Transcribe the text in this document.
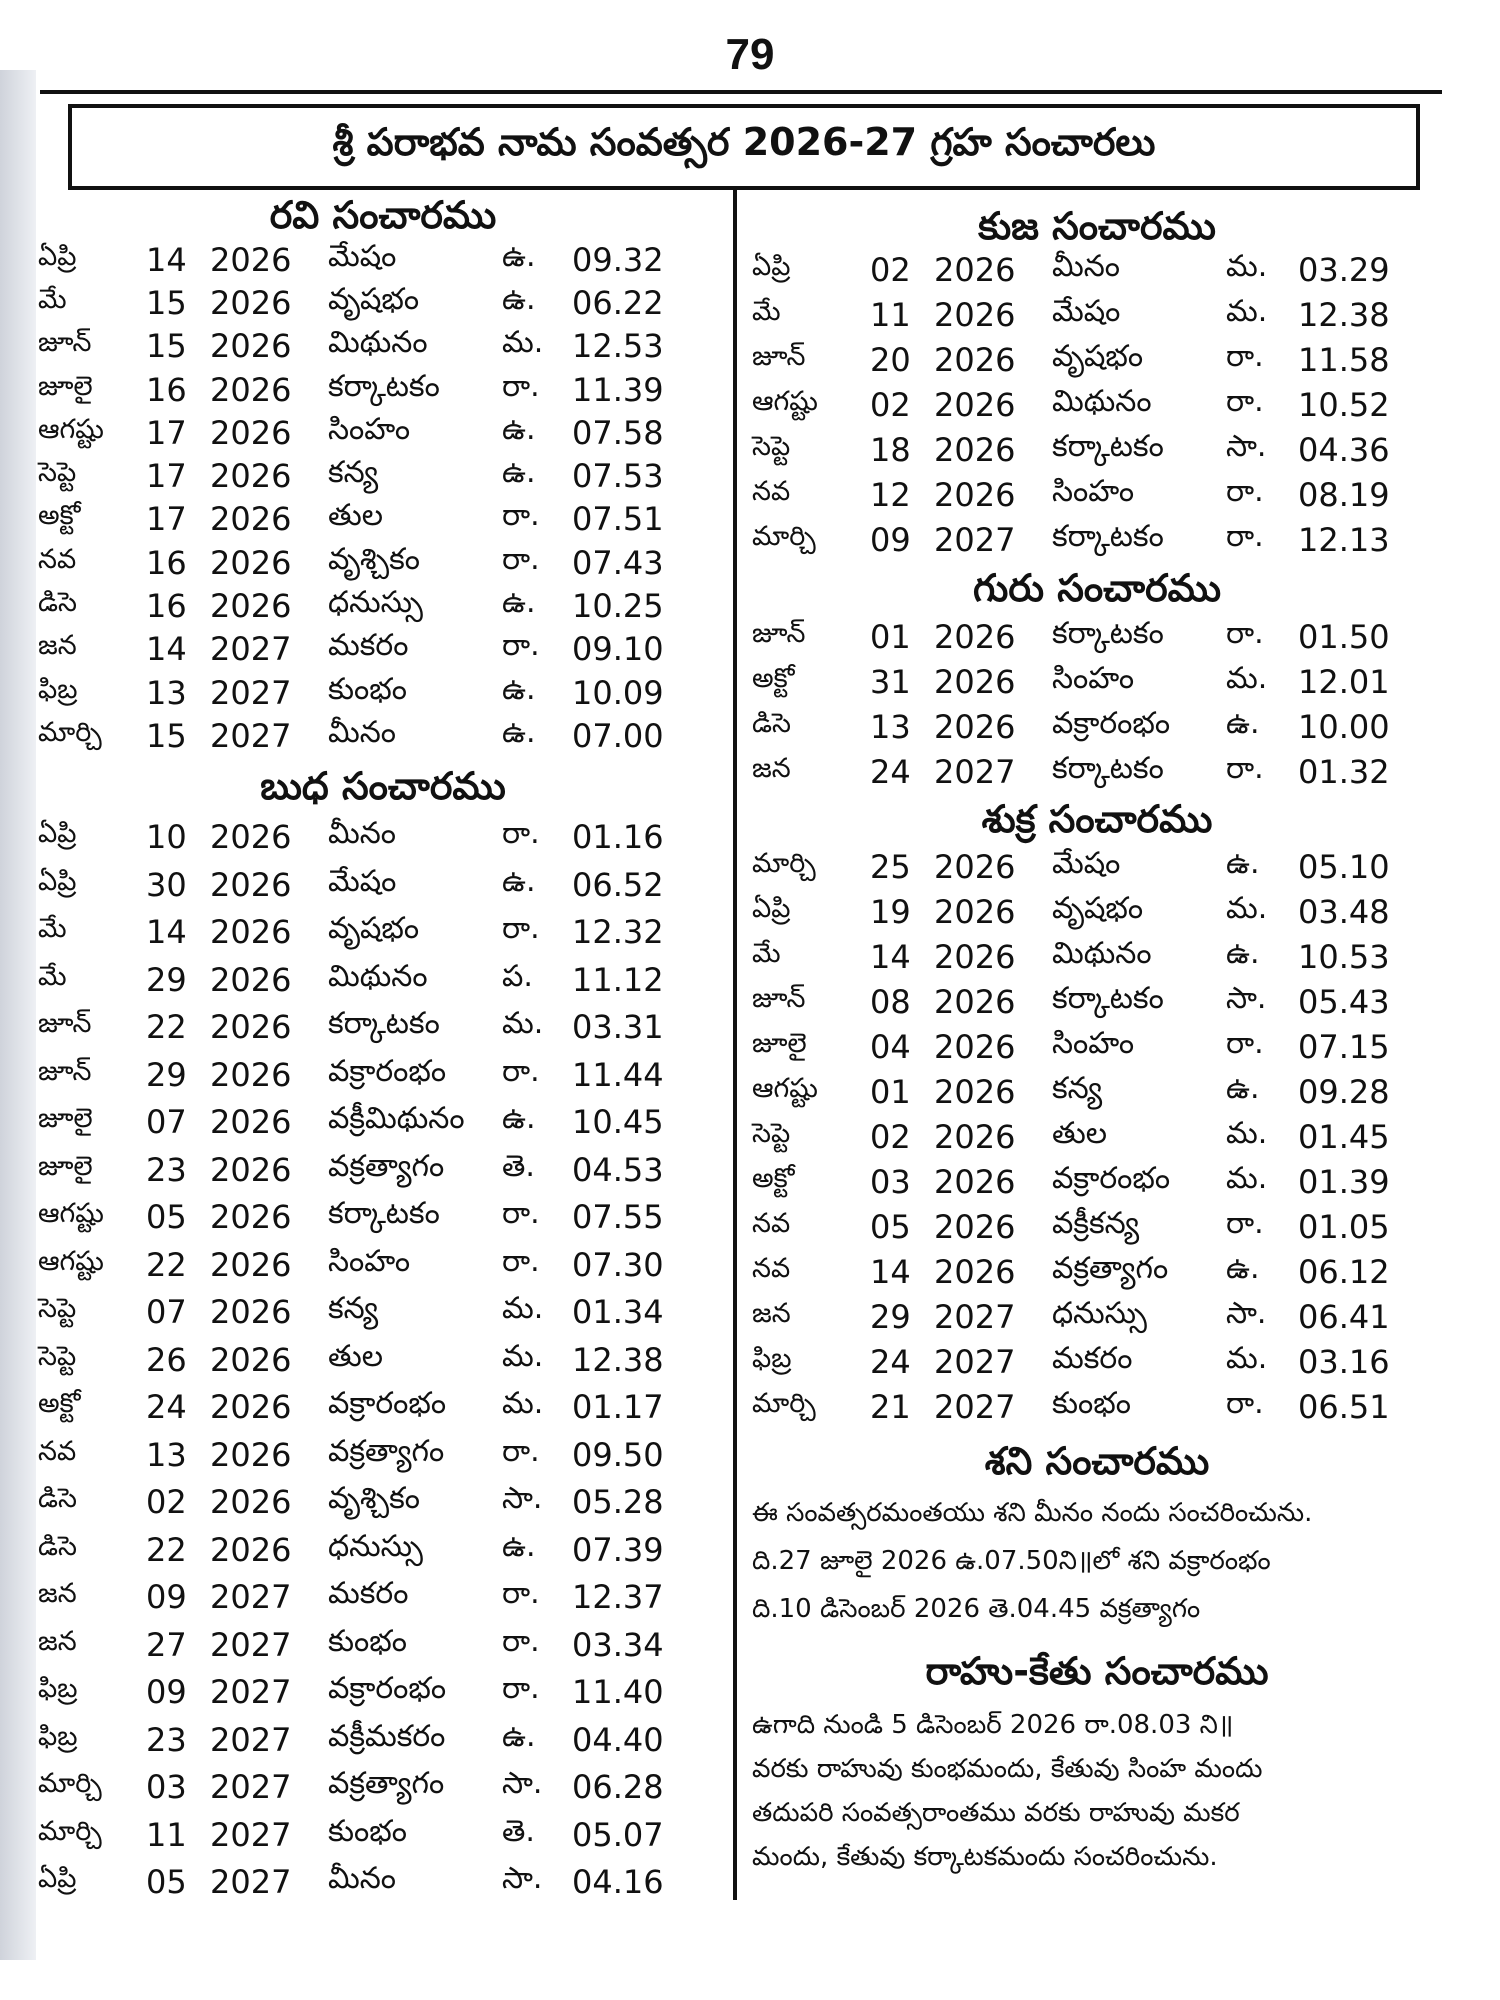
79
శ్రీ పరాభవ నామ సంవత్సర 2026-27 గ్రహ సంచారలు
రవి సంచారము
ఏప్రి	14 2026	మేషం	ఉ.	09.32
మే	15 2026	వృషభం	ఉ.	06.22
జూన్	15 2026	మిథునం	మ. 12.53
జూలై	16 2026	కర్కాటకం	రా.	11.39
ఆగష్టు	17 2026	సింహం	ఉ.	07.58
సెప్టె	17 2026	కన్య	ఉ.	07.53
అక్టో	17 2026	తుల	రా.	07.51
నవ	16 2026	వృశ్చికం	రా.	07.43
డిసె	16 2026	ధనుస్సు	ఉ.	10.25
జన	14 2027	మకరం	రా.	09.10
ఫిబ్ర	13 2027	కుంభం	ఉ.	10.09
మార్చి	15 2027	మీనం	ఉ.	07.00
బుధ సంచారము
ఏప్రి	10 2026	మీనం	రా.	01.16
ఏప్రి	30 2026	మేషం	ఉ.	06.52
మే	14 2026	వృషభం	రా.	12.32
మే	29 2026	మిథునం	ప.	11.12
జూన్	22 2026	కర్కాటకం	మ. 03.31
జూన్	29 2026	వక్రారంభం	రా.	11.44
జూలై	07 2026	వక్రీమిథునం	ఉ.	10.45
జూలై	23 2026	వక్రత్యాగం	తె.	04.53
ఆగష్టు	05 2026	కర్కాటకం	రా.	07.55
ఆగష్టు	22 2026	సింహం	రా.	07.30
సెప్టె	07 2026	కన్య	మ. 01.34
సెప్టె	26 2026	తుల	మ. 12.38
అక్టో	24 2026	వక్రారంభం	మ. 01.17
నవ	13 2026	వక్రత్యాగం	రా.	09.50
డిసె	02 2026	వృశ్చికం	సా. 05.28
డిసె	22 2026	ధనుస్సు	ఉ.	07.39
జన	09 2027	మకరం	రా.	12.37
జన	27 2027	కుంభం	రా.	03.34
ఫిబ్ర	09 2027	వక్రారంభం	రా.	11.40
ఫిబ్ర	23 2027	వక్రీమకరం	ఉ.	04.40
మార్చి	03 2027	వక్రత్యాగం	సా. 06.28
మార్చి	11 2027	కుంభం	తె.	05.07
ఏప్రి	05 2027	మీనం	సా. 04.16
కుజ సంచారము
ఏప్రి	02 2026	మీనం	మ. 03.29
మే	11 2026	మేషం	మ. 12.38
జూన్	20 2026	వృషభం	రా.	11.58
ఆగష్టు	02 2026	మిథునం	రా.	10.52
సెప్టె	18 2026	కర్కాటకం	సా. 04.36
నవ	12 2026	సింహం	రా.	08.19
మార్చి	09 2027	కర్కాటకం	రా.	12.13
గురు సంచారము
జూన్	01 2026	కర్కాటకం	రా.	01.50
అక్టో	31 2026	సింహం	మ. 12.01
డిసె	13 2026	వక్రారంభం	ఉ.	10.00
జన	24 2027	కర్కాటకం	రా.	01.32
శుక్ర సంచారము
మార్చి	25 2026	మేషం	ఉ.	05.10
ఏప్రి	19 2026	వృషభం	మ. 03.48
మే	14 2026	మిథునం	ఉ.	10.53
జూన్	08 2026	కర్కాటకం	సా. 05.43
జూలై	04 2026	సింహం	రా.	07.15
ఆగష్టు	01 2026	కన్య	ఉ.	09.28
సెప్టె	02 2026	తుల	మ. 01.45
అక్టో	03 2026	వక్రారంభం	మ. 01.39
నవ	05 2026	వక్రీకన్య	రా.	01.05
నవ	14 2026	వక్రత్యాగం	ఉ.	06.12
జన	29 2027	ధనుస్సు	సా. 06.41
ఫిబ్ర	24 2027	మకరం	మ. 03.16
మార్చి	21 2027	కుంభం	రా.	06.51
శని సంచారము
ఈ సంవత్సరమంతయు శని మీనం నందు సంచరించును.
ది.27 జూలై 2026 ఉ.07.50ని॥లో శని వక్రారంభం
ది.10 డిసెంబర్ 2026 తె.04.45 వక్రత్యాగం
రాహు-కేతు సంచారము
ఉగాది నుండి 5 డిసెంబర్ 2026 రా.08.03 ని॥
వరకు రాహువు కుంభమందు, కేతువు సింహ మందు
తదుపరి సంవత్సరాంతము వరకు రాహువు మకర
మందు, కేతువు కర్కాటకమందు సంచరించును.
